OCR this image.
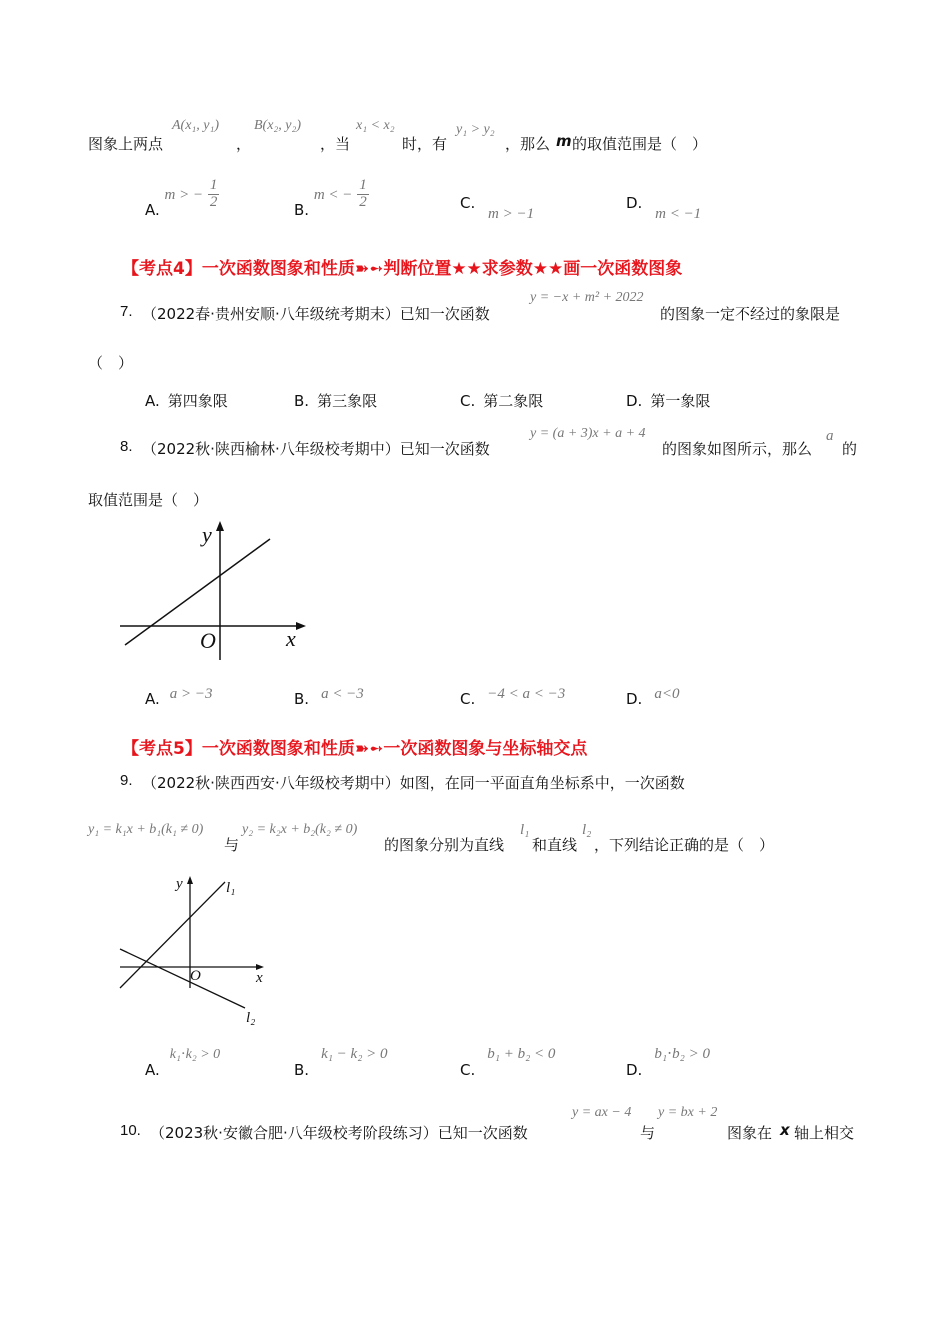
图象上两点
A(x₁, y₁)
，
B(x₂, y₂)
，当
x₁ < x₂
时，有
y₁ > y₂
，那么 m 的取值范围是（　）
A. m > − $\frac{1}{2}$	B. m < − $\frac{1}{2}$	C. m > −1
D. m < −1
【考点4】一次函数图象和性质➽➻判断位置★★求参数★★画一次函数图象
7. （2022春·贵州安顺·八年级统考期末）已知一次函数
y = −x + m² + 2022
的图象一定不经过的象限是
（　）
A. 第四象限	B. 第三象限	C. 第二象限	D. 第一象限
8. （2022秋·陕西榆林·八年级校考期中）已知一次函数
y = (a + 3)x + a + 4
的图象如图所示，那么
a
的
取值范围是（　）
y
x
O
A. a > −3	B. a < −3	C. −4 < a < −3	D. a<0
【考点5】一次函数图象和性质➽➻一次函数图象与坐标轴交点
9. （2022秋·陕西西安·八年级校考期中）如图，在同一平面直角坐标系中，一次函数
y₁ = k₁x + b₁(k₁ ≠ 0)
与
y₂ = k₂x + b₂(k₂ ≠ 0)
的图象分别为直线
l₁
和直线
l₂
，下列结论正确的是（　）
y
x
O
l₁
l₂
A.k₁⋅k₂ > 0
B.k₁ − k₂ > 0
C.b₁ + b₂ < 0
D.b₁⋅b₂ > 0
10. （2023秋·安徽合肥·八年级校考阶段练习）已知一次函数
y = ax − 4
与
y = bx + 2
图象在 x 轴上相交
